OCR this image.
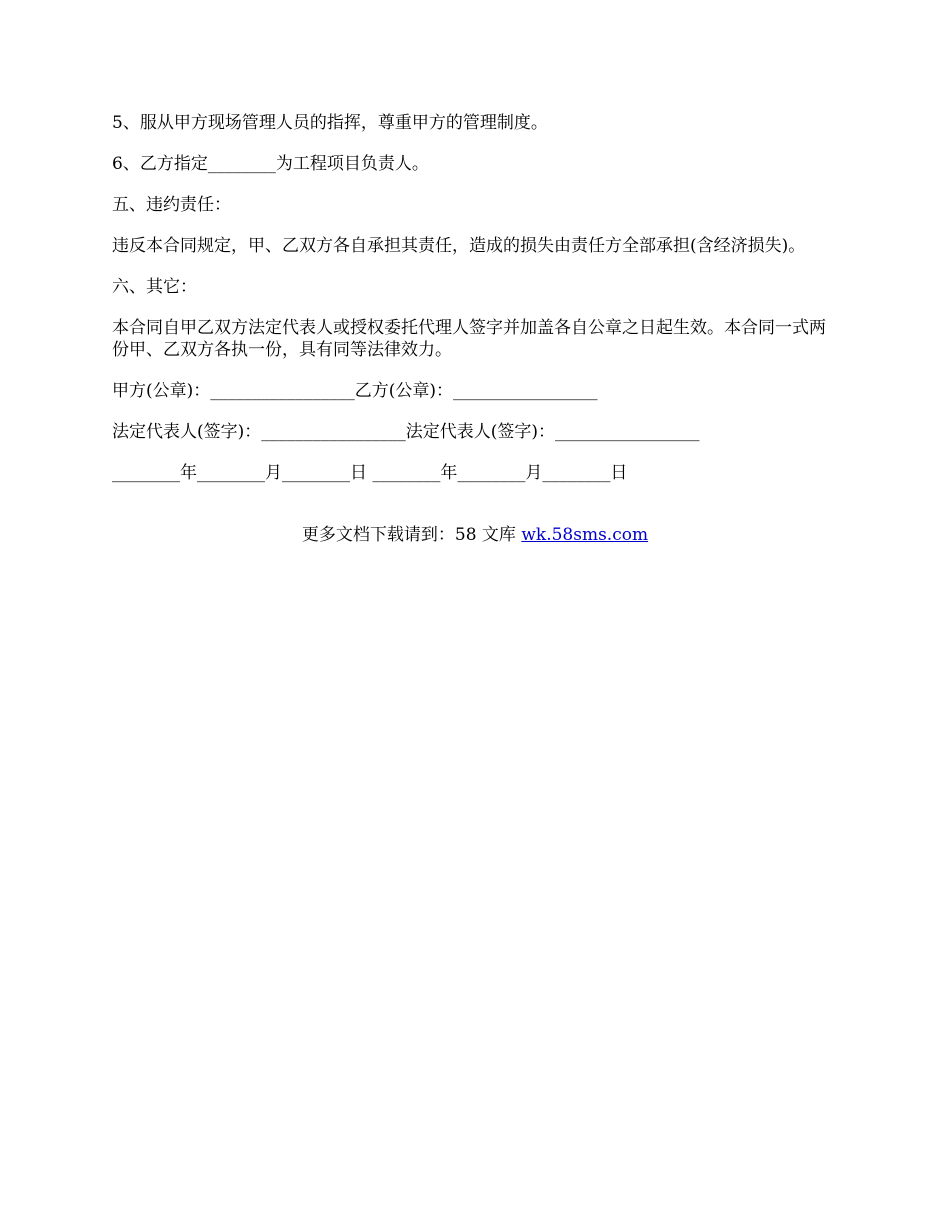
5、服从甲方现场管理人员的指挥，尊重甲方的管理制度。

6、乙方指定________为工程项目负责人。

五、违约责任：

违反本合同规定，甲、乙双方各自承担其责任，造成的损失由责任方全部承担(含经济损失)。

六、其它：

本合同自甲乙双方法定代表人或授权委托代理人签字并加盖各自公章之日起生效。本合同一式两份甲、乙双方各执一份，具有同等法律效力。

甲方(公章)：_________________乙方(公章)：_________________

法定代表人(签字)：_________________法定代表人(签字)：_________________

________年________月________日 ________年________月________日

更多文档下载请到：58 文库 wk.58sms.com
